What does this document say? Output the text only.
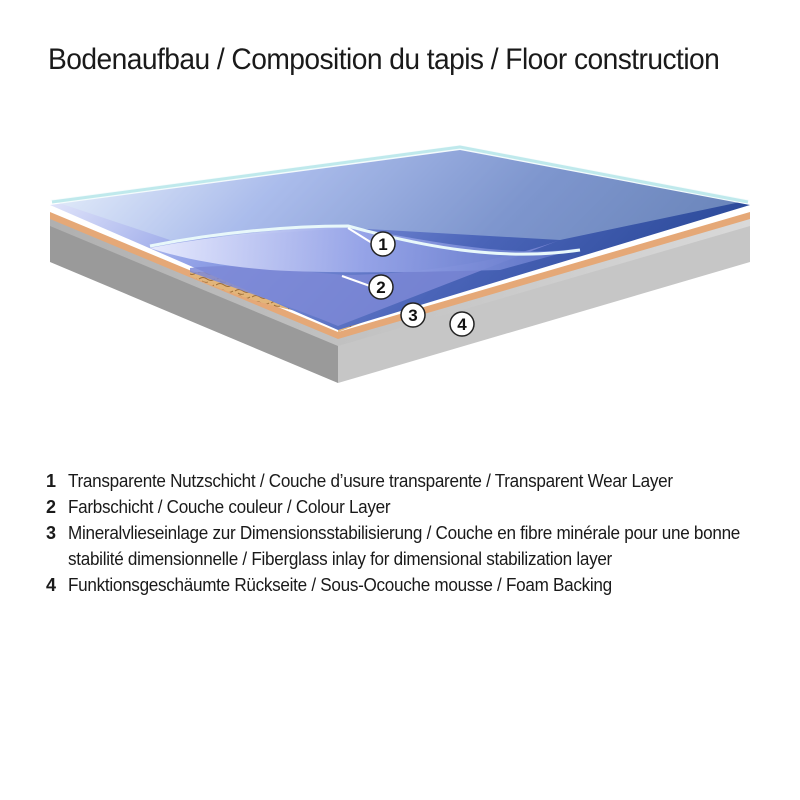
Bodenaufbau / Composition du tapis / Floor construction
1
2
3 4
1 Transparente Nutzschicht / Couche d’usure transparente / Transparent Wear Layer
2 Farbschicht / Couche couleur / Colour Layer
3 Mineralvlieseinlage zur Dimensionsstabilisierung / Couche en fibre minérale pour une bonne stabilité dimensionnelle / Fiberglass inlay for dimensional stabilization layer
4 Funktionsgeschäumte Rückseite / Sous-Ocouche mousse / Foam Backing
